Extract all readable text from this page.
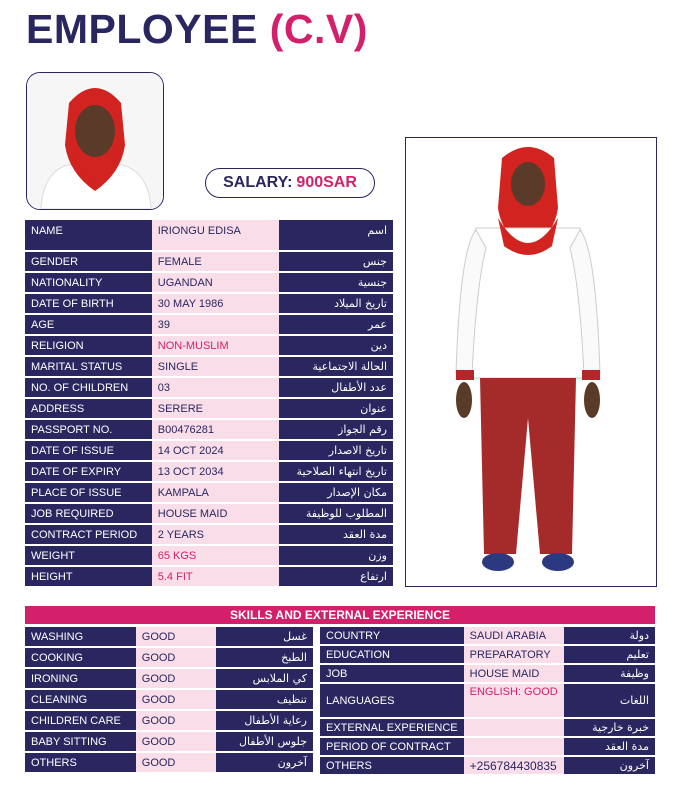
EMPLOYEE (C.V)
SALARY: 900SAR
NAME	IRIONGU EDISA	اسم
GENDER	FEMALE	جنس
NATIONALITY	UGANDAN	جنسية
DATE OF BIRTH	30 MAY 1986	تاريخ الميلاد
AGE	39	عمر
RELIGION	NON-MUSLIM	دين
MARITAL STATUS	SINGLE	الحالة الاجتماعية
NO. OF CHILDREN	03	عدد الأطفال
ADDRESS	SERERE	عنوان
PASSPORT NO.	B00476281	رقم الجواز
DATE OF ISSUE	14 OCT 2024	تاريخ الاصدار
DATE OF EXPIRY	13 OCT 2034	تاريخ انتهاء الصلاحية
PLACE OF ISSUE	KAMPALA	مكان الإصدار
JOB REQUIRED	HOUSE MAID	المطلوب للوظيفة
CONTRACT PERIOD	2 YEARS	مدة العقد
WEIGHT	65 KGS	وزن
HEIGHT	5.4 FIT	ارتفاع
SKILLS AND EXTERNAL EXPERIENCE
WASHING	GOOD	غسل
COOKING	GOOD	الطبخ
IRONING	GOOD	كي الملابس
CLEANING	GOOD	تنظيف
CHILDREN CARE	GOOD	رعاية الأطفال
BABY SITTING	GOOD	جلوس الأطفال
OTHERS	GOOD	آخرون
COUNTRY	SAUDI ARABIA	دولة
EDUCATION	PREPARATORY	تعليم
JOB	HOUSE MAID	وظيفة
LANGUAGES	ENGLISH: GOOD	اللغات
EXTERNAL EXPERIENCE		خبرة خارجية
PERIOD OF CONTRACT		مدة العقد
OTHERS	+256784430835	آخرون
